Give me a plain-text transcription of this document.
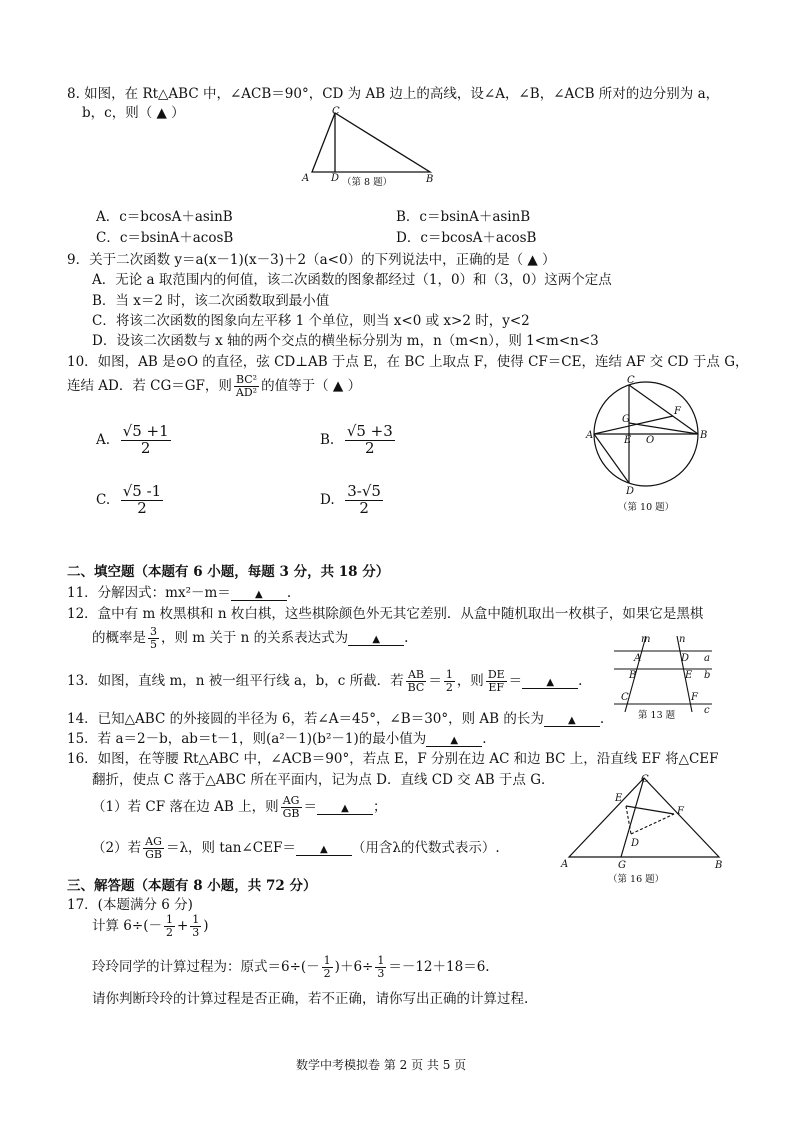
8. 如图，在 Rt△ABC 中，∠ACB＝90°，CD 为 AB 边上的高线，设∠A，∠B，∠ACB 所对的边分别为 a，
b，c，则（ ▲ ）	C
A D	B
（第 8 题）
A．c＝bcosA＋asinB	B．c＝bsinA＋asinB
C．c＝bsinA＋acosB	D．c＝bcosA＋acosB
9．关于二次函数 y＝a(x－1)(x－3)＋2（a<0）的下列说法中，正确的是（ ▲ ）
A．无论 a 取范围内的何值，该二次函数的图象都经过（1，0）和（3，0）这两个定点
B．当 x＝2 时，该二次函数取到最小值
C．将该二次函数的图象向左平移 1 个单位，则当 x<0 或 x>2 时，y<2
D．设该二次函数与 x 轴的两个交点的横坐标分别为 m，n（m<n），则 1<m<n<3
10．如图，AB 是⊙O 的直径，弦 CD⊥AB 于点 E，在 BC 上取点 F，使得 CF＝CE，连结 AF 交 CD 于点 G，
连结 AD．若 CG＝GF，则 $\frac{\text{BC²}}{\text{AD²}}$ 的值等于（ ▲ ）
A. $\frac{√5 +1}{2}$	B. $\frac{√5 +3}{2}$
C. $\frac{√5 -1}{2}$	D. $\frac{3-√5}{2}$
C
F
G
A	E O	B
D
（第 10 题）
二、填空题（本题有 6 小题，每题 3 分，共 18 分）
11．分解因式：mx²－m＝ ▲ .
12．盒中有 m 枚黑棋和 n 枚白棋，这些棋除颜色外无其它差别．从盒中随机取出一枚棋子，如果它是黑棋
的概率是 $\frac{3}{5}$ ，则 m 关于 n 的关系表达式为 ▲ .
13．如图，直线 m，n 被一组平行线 a，b，c 所截．若 $\frac{AB}{BC} = \frac{1}{2}$ ，则 $\frac{DE}{EF}$ ＝ ▲ .
m	n
A	D a
B	E b
C	F
c
第 13 题
14．已知△ABC 的外接圆的半径为 6，若∠A＝45°，∠B＝30°，则 AB 的长为 ▲ .
15．若 a＝2－b，ab＝t－1，则(a²－1)(b²－1)的最小值为 ▲ .
16．如图，在等腰 Rt△ABC 中，∠ACB＝90°，若点 E，F 分别在边 AC 和边 BC 上，沿直线 EF 将△CEF
翻折，使点 C 落于△ABC 所在平面内，记为点 D．直线 CD 交 AB 于点 G．
（1）若 CF 落在边 AB 上，则 $\frac{AG}{GB}$ ＝ ▲ ；
（2）若 $\frac{AG}{GB} =\lambda$，则 tan∠CEF＝ ▲ （用含λ的代数式表示）.
C
E
F
D
A	G	B
（第 16 题）
三、解答题（本题有 8 小题，共 72 分）
17．(本题满分 6 分)
计算 $6\div(- \frac{1}{2} + \frac{1}{3}$ )
玲玲同学的计算过程为：原式$=6\div(- \frac{1}{2} )+6\div \frac{1}{3} =-12+18=6$.
请你判断玲玲的计算过程是否正确，若不正确，请你写出正确的计算过程.
数学中考模拟卷 第 2 页 共 5 页
